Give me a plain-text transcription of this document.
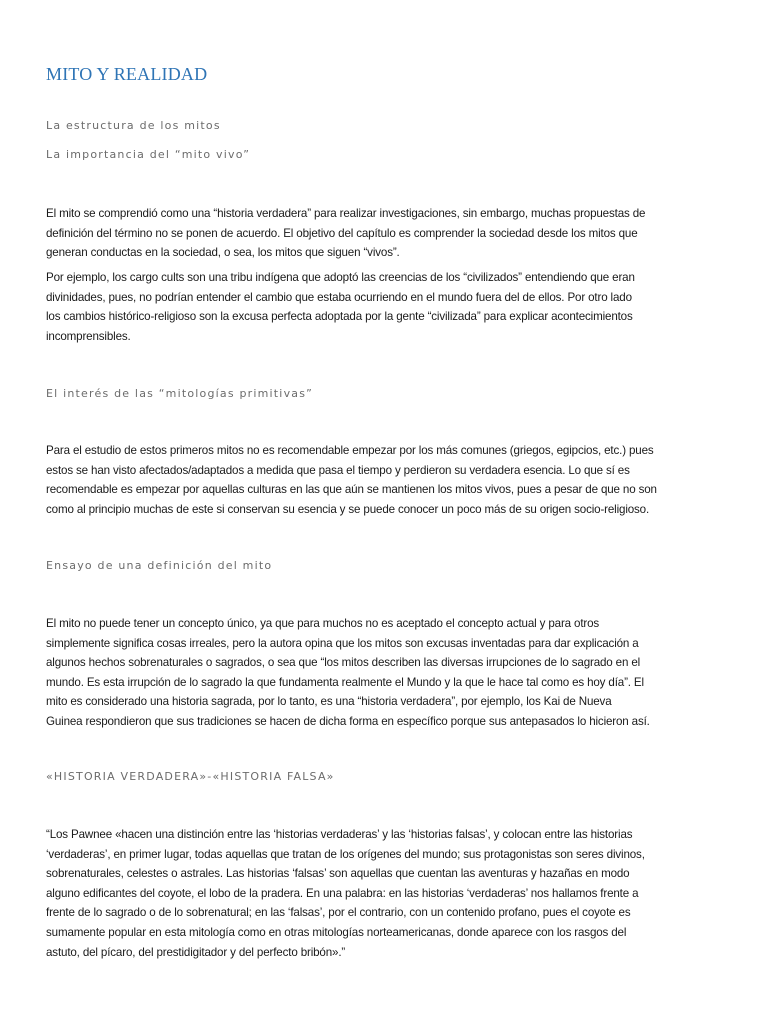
MITO Y REALIDAD
La estructura de los mitos
La importancia del “mito vivo”

El mito se comprendió como una “historia verdadera” para realizar investigaciones, sin embargo, muchas propuestas de
definición del término no se ponen de acuerdo. El objetivo del capítulo es comprender la sociedad desde los mitos que
generan conductas en la sociedad, o sea, los mitos que siguen “vivos”.

Por ejemplo, los cargo cults son una tribu indígena que adoptó las creencias de los “civilizados” entendiendo que eran
divinidades, pues, no podrían entender el cambio que estaba ocurriendo en el mundo fuera del de ellos. Por otro lado
los cambios histórico-religioso son la excusa perfecta adoptada por la gente “civilizada” para explicar acontecimientos
incomprensibles.

El interés de las “mitologías primitivas”

Para el estudio de estos primeros mitos no es recomendable empezar por los más comunes (griegos, egipcios, etc.) pues
estos se han visto afectados/adaptados a medida que pasa el tiempo y perdieron su verdadera esencia. Lo que sí es
recomendable es empezar por aquellas culturas en las que aún se mantienen los mitos vivos, pues a pesar de que no son
como al principio muchas de este si conservan su esencia y se puede conocer un poco más de su origen socio-religioso.

Ensayo de una definición del mito

El mito no puede tener un concepto único, ya que para muchos no es aceptado el concepto actual y para otros
simplemente significa cosas irreales, pero la autora opina que los mitos son excusas inventadas para dar explicación a
algunos hechos sobrenaturales o sagrados, o sea que “los mitos describen las diversas irrupciones de lo sagrado en el
mundo. Es esta irrupción de lo sagrado la que fundamenta realmente el Mundo y la que le hace tal como es hoy día”. El
mito es considerado una historia sagrada, por lo tanto, es una “historia verdadera”, por ejemplo, los Kai de Nueva
Guinea respondieron que sus tradiciones se hacen de dicha forma en específico porque sus antepasados lo hicieron así.

«HISTORIA VERDADERA»-«HISTORIA FALSA»

“Los Pawnee «hacen una distinción entre las ‘historias verdaderas’ y las ‘historias falsas’, y colocan entre las historias
‘verdaderas’, en primer lugar, todas aquellas que tratan de los orígenes del mundo; sus protagonistas son seres divinos,
sobrenaturales, celestes o astrales. Las historias ‘falsas’ son aquellas que cuentan las aventuras y hazañas en modo
alguno edificantes del coyote, el lobo de la pradera. En una palabra: en las historias ‘verdaderas’ nos hallamos frente a
frente de lo sagrado o de lo sobrenatural; en las ‘falsas’, por el contrario, con un contenido profano, pues el coyote es
sumamente popular en esta mitología como en otras mitologías norteamericanas, donde aparece con los rasgos del
astuto, del pícaro, del prestidigitador y del perfecto bribón».”
